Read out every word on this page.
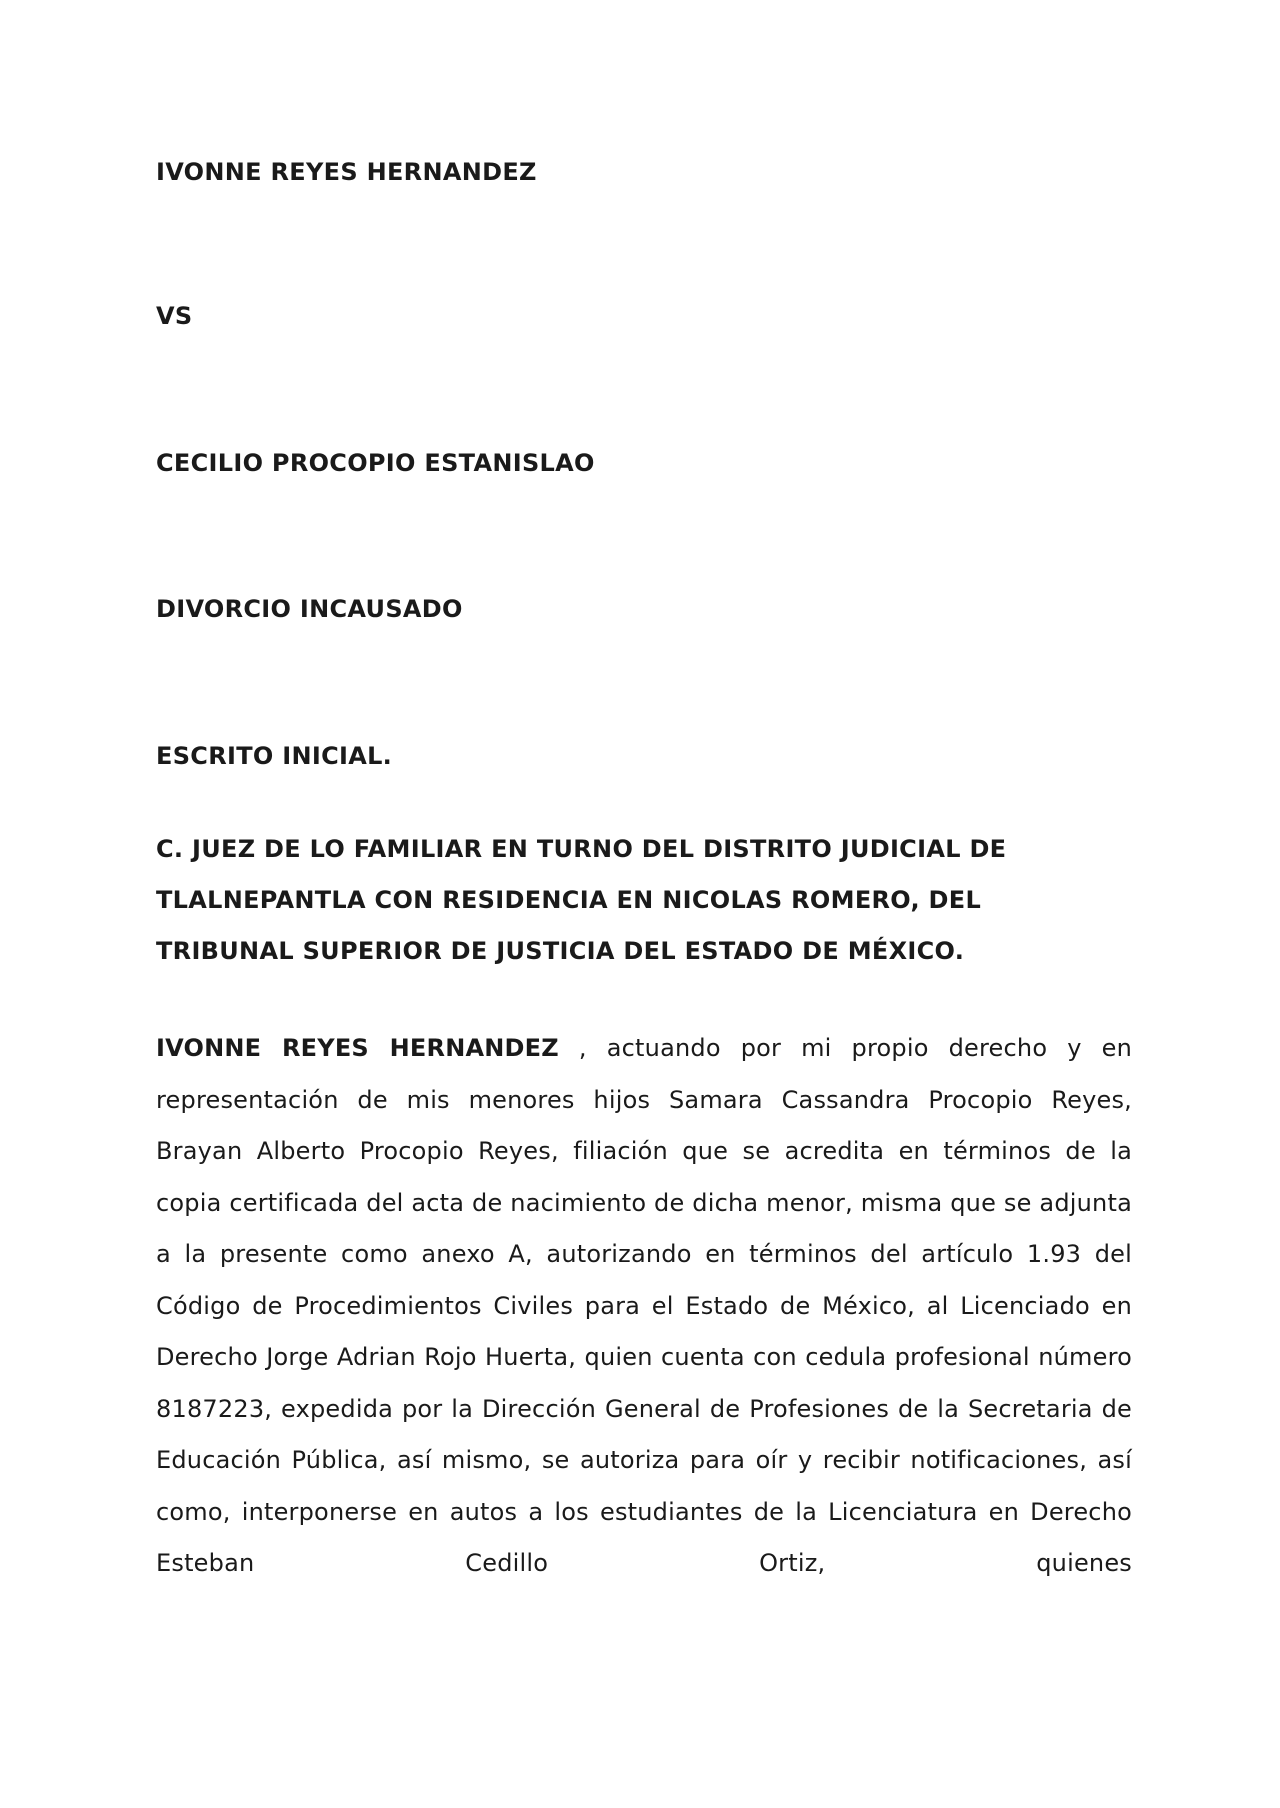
IVONNE REYES HERNANDEZ

VS

CECILIO PROCOPIO ESTANISLAO

DIVORCIO INCAUSADO

ESCRITO INICIAL.

C. JUEZ DE LO FAMILIAR EN TURNO DEL DISTRITO JUDICIAL DE
TLALNEPANTLA CON RESIDENCIA EN NICOLAS ROMERO, DEL
TRIBUNAL SUPERIOR DE JUSTICIA DEL ESTADO DE MÉXICO.

IVONNE REYES HERNANDEZ , actuando por mi propio derecho y en representación de mis menores hijos Samara Cassandra Procopio Reyes, Brayan Alberto Procopio Reyes, filiación que se acredita en términos de la copia certificada del acta de nacimiento de dicha menor, misma que se adjunta a la presente como anexo A, autorizando en términos del artículo 1.93 del Código de Procedimientos Civiles para el Estado de México, al Licenciado en Derecho Jorge Adrian Rojo Huerta, quien cuenta con cedula profesional número 8187223, expedida por la Dirección General de Profesiones de la Secretaria de Educación Pública, así mismo, se autoriza para oír y recibir notificaciones, así como, interponerse en autos a los estudiantes de la Licenciatura en Derecho Esteban Cedillo Ortiz, quienes
